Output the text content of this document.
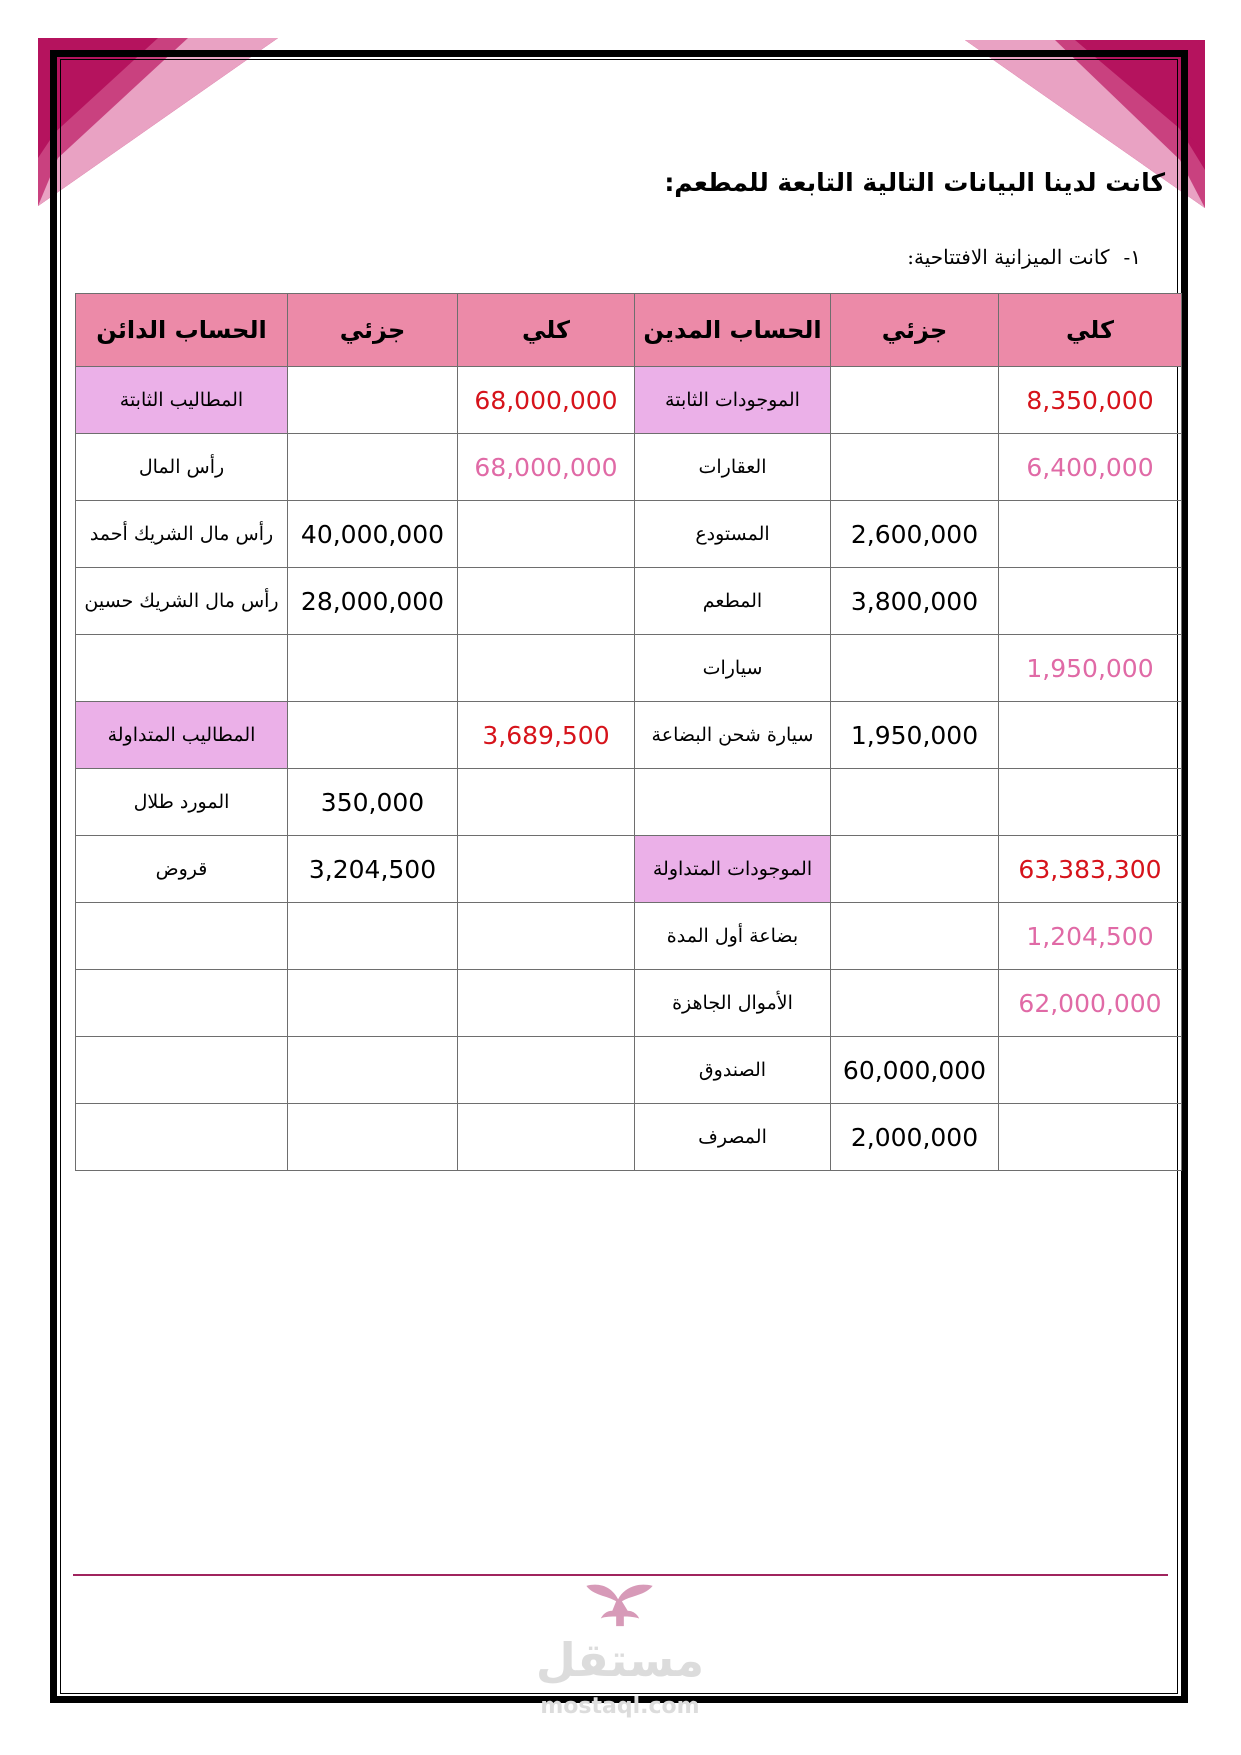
كانت لدينا البيانات التالية التابعة للمطعم:
١-كانت الميزانية الافتتاحية:
كلي	جزئي	الحساب المدين	كلي	جزئي	الحساب الدائن
8,350,000		الموجودات الثابتة	68,000,000		المطاليب الثابتة
6,400,000		العقارات	68,000,000		رأس المال
	2,600,000	المستودع		40,000,000	رأس مال الشريك أحمد
	3,800,000	المطعم		28,000,000	رأس مال الشريك حسين
1,950,000		سيارات			
	1,950,000	سيارة شحن البضاعة	3,689,500		المطاليب المتداولة
				350,000	المورد طلال
63,383,300		الموجودات المتداولة		3,204,500	قروض
1,204,500		بضاعة أول المدة			
62,000,000		الأموال الجاهزة			
	60,000,000	الصندوق			
	2,000,000	المصرف			
مستقل
mostaql.com
